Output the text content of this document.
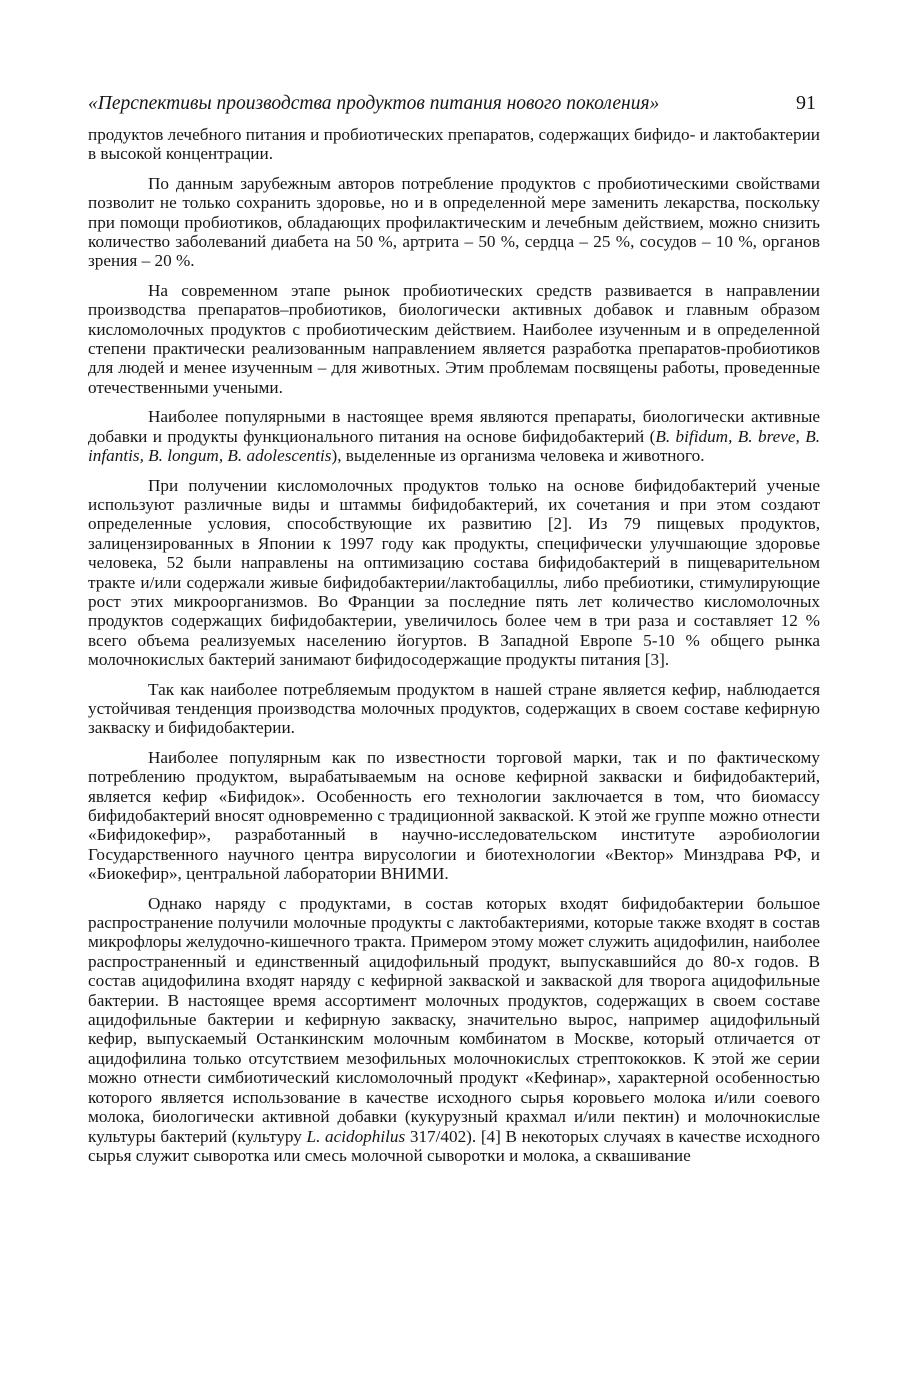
«Перспективы производства продуктов питания нового поколения»	91

продуктов лечебного питания и пробиотических препаратов, содержащих бифидо- и лактобактерии в высокой концентрации.

По данным зарубежным авторов потребление продуктов с пробиотическими свойствами позволит не только сохранить здоровье, но и в определенной мере заменить лекарства, поскольку при помощи пробиотиков, обладающих профилактическим и лечебным действием, можно снизить количество заболеваний диабета на 50 %, артрита – 50 %, сердца – 25 %, сосудов – 10 %, органов зрения – 20 %.

На современном этапе рынок пробиотических средств развивается в направлении производства препаратов–пробиотиков, биологически активных добавок и главным образом кисломолочных продуктов с пробиотическим действием. Наиболее изученным и в определенной степени практически реализованным направлением является разработка препаратов-пробиотиков для людей и менее изученным – для животных. Этим проблемам посвящены работы, проведенные отечественными учеными.

Наиболее популярными в настоящее время являются препараты, биологически активные добавки и продукты функционального питания на основе бифидобактерий (B. bifidum, B. breve, B. infantis, B. longum, B. adolescentis), выделенные из организма человека и животного.

При получении кисломолочных продуктов только на основе бифидобактерий ученые используют различные виды и штаммы бифидобактерий, их сочетания и при этом создают определенные условия, способствующие их развитию [2]. Из 79 пищевых продуктов, залицензированных в Японии к 1997 году как продукты, специфически улучшающие здоровье человека, 52 были направлены на оптимизацию состава бифидобактерий в пищеварительном тракте и/или содержали живые бифидобактерии/лактобациллы, либо пребиотики, стимулирующие рост этих микроорганизмов. Во Франции за последние пять лет количество кисломолочных продуктов содержащих бифидобактерии, увеличилось более чем в три раза и составляет 12 % всего объема реализуемых населению йогуртов. В Западной Европе 5-10 % общего рынка молочнокислых бактерий занимают бифидосодержащие продукты питания [3].

Так как наиболее потребляемым продуктом в нашей стране является кефир, наблюдается устойчивая тенденция производства молочных продуктов, содержащих в своем составе кефирную закваску и бифидобактерии.

Наиболее популярным как по известности торговой марки, так и по фактическому потреблению продуктом, вырабатываемым на основе кефирной закваски и бифидобактерий, является кефир «Бифидок». Особенность его технологии заключается в том, что биомассу бифидобактерий вносят одновременно с традиционной закваской. К этой же группе можно отнести «Бифидокефир», разработанный в научно-исследовательском институте аэробиологии Государственного научного центра вирусологии и биотехнологии «Вектор» Минздрава РФ, и «Биокефир», центральной лаборатории ВНИМИ.

Однако наряду с продуктами, в состав которых входят бифидобактерии большое распространение получили молочные продукты с лактобактериями, которые также входят в состав микрофлоры желудочно-кишечного тракта. Примером этому может служить ацидофилин, наиболее распространенный и единственный ацидофильный продукт, выпускавшийся до 80-х годов. В состав ацидофилина входят наряду с кефирной закваской и закваской для творога ацидофильные бактерии. В настоящее время ассортимент молочных продуктов, содержащих в своем составе ацидофильные бактерии и кефирную закваску, значительно вырос, например ацидофильный кефир, выпускаемый Останкинским молочным комбинатом в Москве, который отличается от ацидофилина только отсутствием мезофильных молочнокислых стрептококков. К этой же серии можно отнести симбиотический кисломолочный продукт «Кефинар», характерной особенностью которого является использование в качестве исходного сырья коровьего молока и/или соевого молока, биологически активной добавки (кукурузный крахмал и/или пектин) и молочнокислые культуры бактерий (культуру L. acidophilus 317/402). [4] В некоторых случаях в качестве исходного сырья служит сыворотка или смесь молочной сыворотки и молока, а сквашивание
